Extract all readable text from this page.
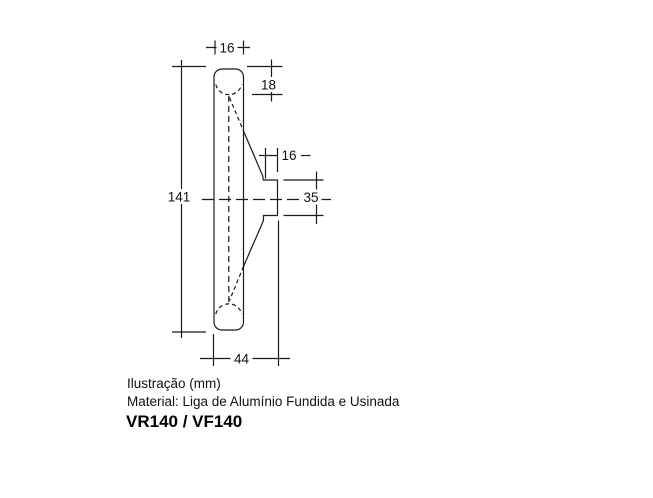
16
18
16
35
141
44
Ilustração (mm)
Material: Liga de Alumínio Fundida e Usinada
VR140 / VF140
